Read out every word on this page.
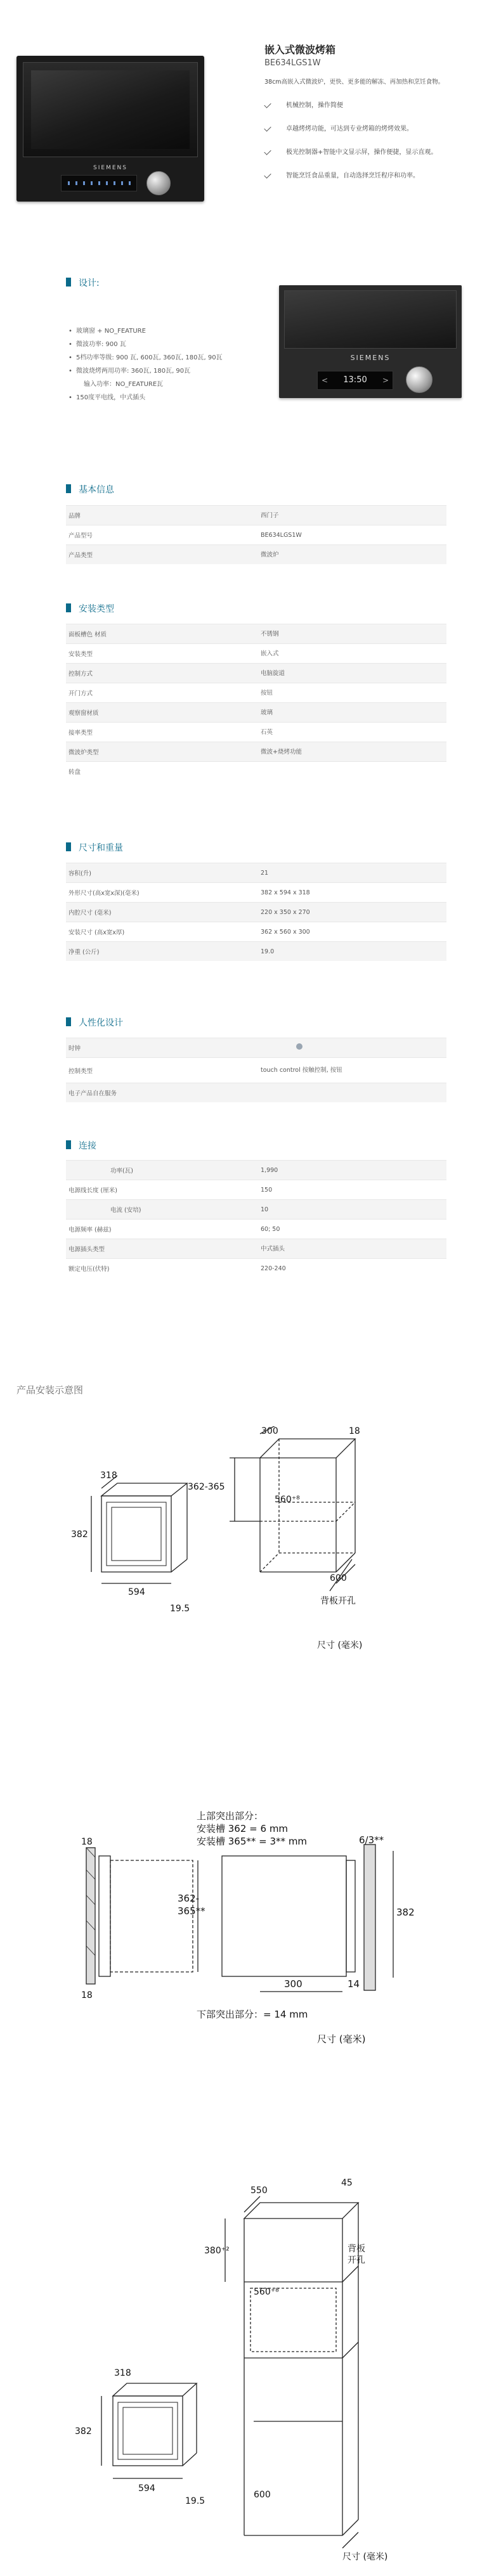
SIEMENS
嵌入式微波烤箱
BE634LGS1W
38cm高嵌入式微波炉，更快、更多能的解冻、再加热和烹饪食物。
机械控制，操作简便
卓越烤烤功能，可达到专业烤箱的烤烤效果。
极光控制器+智能中文显示屏，操作便捷，显示直观。
智能烹饪食品重量，自动选择烹饪程序和功率。
设计:
• 玻璃窗 + NO_FEATURE
• 微波功率: 900 瓦
• 5档功率等级: 900 瓦, 600瓦, 360瓦, 180瓦, 90瓦
• 微波烧烤两用功率: 360瓦, 180瓦, 90瓦
输入功率：NO_FEATURE瓦
• 150度平电线，中式插头
SIEMENS
< 13:50 >
基本信息
品牌	西门子
产品型号	BE634LGS1W
产品类型	微波炉
安装类型
面板槽色 材质	不锈钢
安装类型	嵌入式
控制方式	电脑旋道
开门方式	按钮
观察窗材质	玻璃
接率类型	石英
微波炉类型	微波+烧烤功能
转盘
尺寸和重量
容积(升)	21
外形尺寸(高x宽x深)(毫米)	382 x 594 x 318
内腔尺寸 (毫米)	220 x 350 x 270
安装尺寸 (高x宽x厚)	362 x 560 x 300
净重 (公斤)	19.0
人性化设计
时钟
控制类型	touch control 按触控制, 按钮
电子产品自在服务
连接
功率(瓦)	1,990
电源线长度 (厘米)	150
电流 (安培)	10
电源频率 (赫兹)	60; 50
电源插头类型	中式插头
额定电压(伏特)	220-240
产品安装示意图
300	18
362-365
560⁺⁸
600
318
382
594
19.5
背板开孔
尺寸 (毫米)
上部突出部分：
安装槽 362 = 6 mm
安装槽 365** = 3** mm
18
18
362-
365**
300	14
382
6/3**
下部突出部分：= 14 mm
尺寸 (毫米)
550
45
380⁺²
560⁺⁸
背板
开孔
318
382
594
600
19.5
尺寸 (毫米)
